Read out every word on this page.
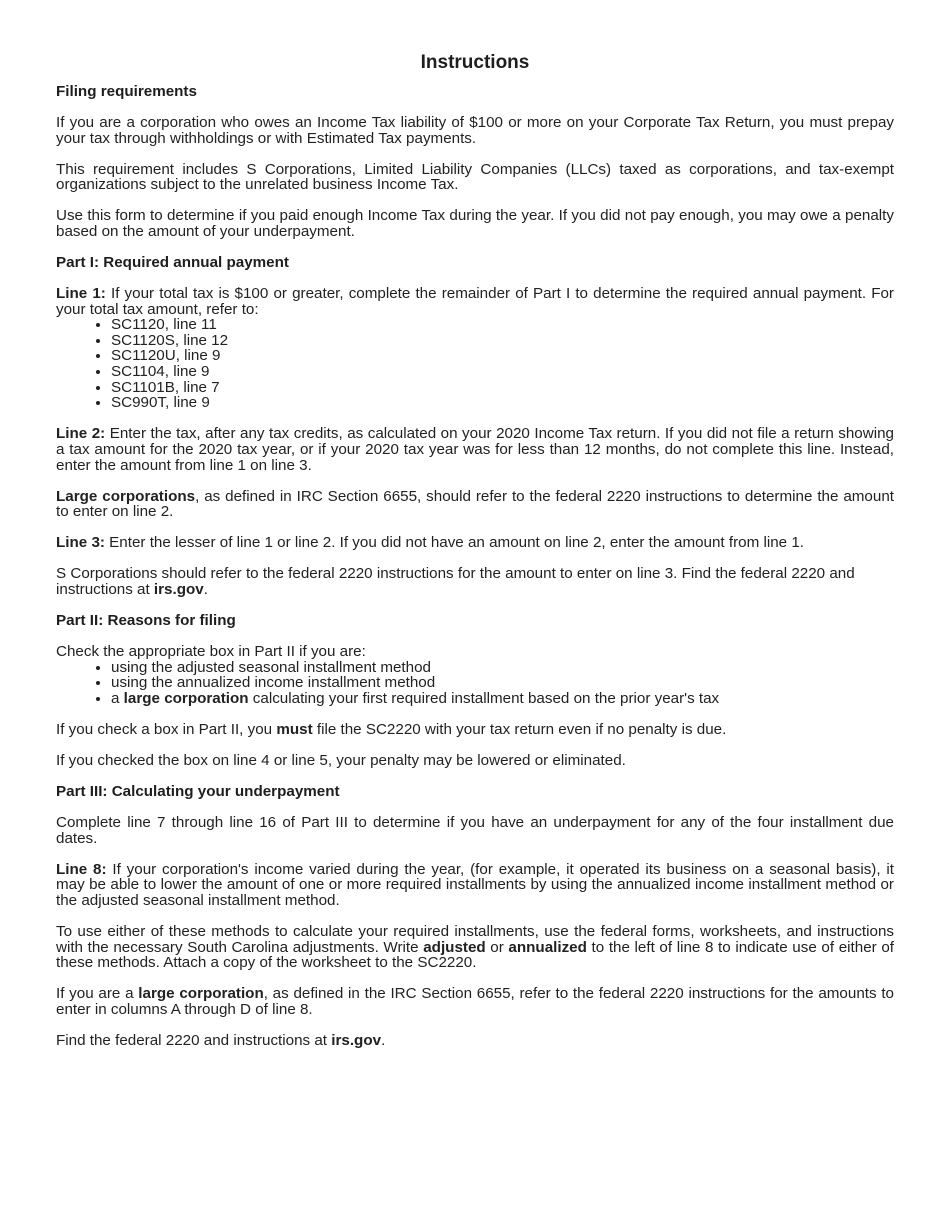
Instructions
Filing requirements

If you are a corporation who owes an Income Tax liability of $100 or more on your Corporate Tax Return, you must prepay your tax through withholdings or with Estimated Tax payments.

This requirement includes S Corporations, Limited Liability Companies (LLCs) taxed as corporations, and tax-exempt organizations subject to the unrelated business Income Tax.

Use this form to determine if you paid enough Income Tax during the year. If you did not pay enough, you may owe a penalty based on the amount of your underpayment.

Part I: Required annual payment

Line 1: If your total tax is $100 or greater, complete the remainder of Part I to determine the required annual payment. For your total tax amount, refer to:

• SC1120, line 11
• SC1120S, line 12
• SC1120U, line 9
• SC1104, line 9
• SC1101B, line 7
• SC990T, line 9

Line 2: Enter the tax, after any tax credits, as calculated on your 2020 Income Tax return. If you did not file a return showing a tax amount for the 2020 tax year, or if your 2020 tax year was for less than 12 months, do not complete this line. Instead, enter the amount from line 1 on line 3.

Large corporations, as defined in IRC Section 6655, should refer to the federal 2220 instructions to determine the amount to enter on line 2.

Line 3: Enter the lesser of line 1 or line 2. If you did not have an amount on line 2, enter the amount from line 1.

S Corporations should refer to the federal 2220 instructions for the amount to enter on line 3. Find the federal 2220 and instructions at irs.gov.

Part II: Reasons for filing

Check the appropriate box in Part II if you are:

• using the adjusted seasonal installment method
• using the annualized income installment method
• a large corporation calculating your first required installment based on the prior year's tax

If you check a box in Part II, you must file the SC2220 with your tax return even if no penalty is due.

If you checked the box on line 4 or line 5, your penalty may be lowered or eliminated.

Part III: Calculating your underpayment

Complete line 7 through line 16 of Part III to determine if you have an underpayment for any of the four installment due dates.

Line 8: If your corporation's income varied during the year, (for example, it operated its business on a seasonal basis), it may be able to lower the amount of one or more required installments by using the annualized income installment method or the adjusted seasonal installment method.

To use either of these methods to calculate your required installments, use the federal forms, worksheets, and instructions with the necessary South Carolina adjustments. Write adjusted or annualized to the left of line 8 to indicate use of either of these methods. Attach a copy of the worksheet to the SC2220.

If you are a large corporation, as defined in the IRC Section 6655, refer to the federal 2220 instructions for the amounts to enter in columns A through D of line 8.

Find the federal 2220 and instructions at irs.gov.
